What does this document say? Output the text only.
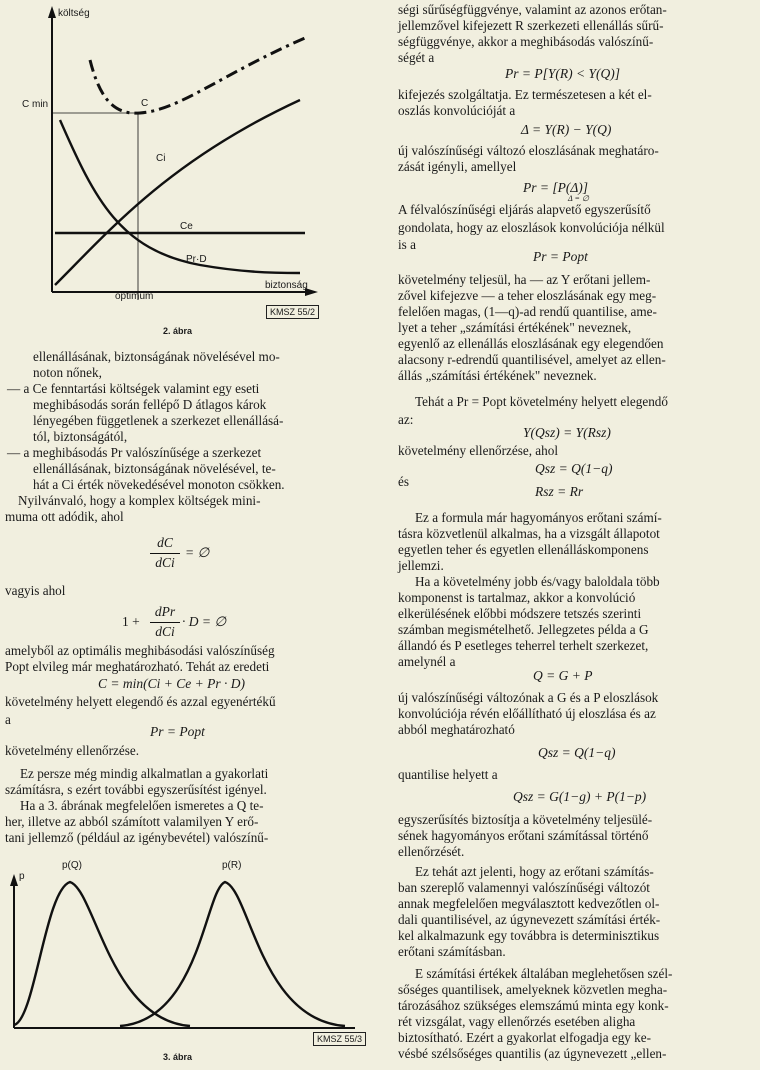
költség
C min	C
Ci
Ce
Pr·D
biztonság
optimum
KMSZ 55/2
2. ábra
ellenállásának, biztonságának növelésével mo-
noton nőnek,
— a Ce fenntartási költségek valamint egy eseti
meghibásodás során fellépő D átlagos károk
lényegében függetlenek a szerkezet ellenállásá-
tól, biztonságától,
— a meghibásodás Pr valószínűsége a szerkezet
ellenállásának, biztonságának növelésével, te-
hát a Ci érték növekedésével monoton csökken.
Nyilvánvaló, hogy a komplex költségek mini-
muma ott adódik, ahol
dC
dCi
= ∅
vagyis ahol
1 +
dPr
dCi
· D = ∅
amelyből az optimális meghibásodási valószínűség
Popt elvileg már meghatározható. Tehát az eredeti
C = min(Ci + Ce + Pr · D)
követelmény helyett elegendő és azzal egyenértékű
a
Pr = Popt
követelmény ellenőrzése.
Ez persze még mindig alkalmatlan a gyakorlati
számításra, s ezért további egyszerűsítést igényel.
Ha a 3. ábrának megfelelően ismeretes a Q te-
her, illetve az abból számított valamilyen Y erő-
tani jellemző (például az igénybevétel) valószínű-
p
p(Q)	p(R)
KMSZ 55/3
3. ábra
ségi sűrűségfüggvénye, valamint az azonos erőtan-
jellemzővel kifejezett R szerkezeti ellenállás sűrű-
ségfüggvénye, akkor a meghibásodás valószínű-
ségét a
Pr = P[Y(R) < Y(Q)]
kifejezés szolgáltatja. Ez természetesen a két el-
oszlás konvolúcióját a
Δ = Y(R) − Y(Q)
új valószínűségi változó eloszlásának meghatáro-
zását igényli, amellyel
Pr = [P(Δ)]
Δ = ∅
A félvalószínűségi eljárás alapvető egyszerűsítő
gondolata, hogy az eloszlások konvolúciója nélkül
is a
Pr = Popt
követelmény teljesül, ha — az Y erőtani jellem-
zővel kifejezve — a teher eloszlásának egy meg-
felelően magas, (1—q)-ad rendű quantilise, ame-
lyet a teher „számítási értékének" neveznek,
egyenlő az ellenállás eloszlásának egy elegendően
alacsony r-edrendű quantilisével, amelyet az ellen-
állás „számítási értékének" neveznek.
Tehát a Pr = Popt követelmény helyett elegendő
az:
Y(Qsz) = Y(Rsz)
követelmény ellenőrzése, ahol
Qsz = Q(1−q)
és
Rsz = Rr
Ez a formula már hagyományos erőtani számí-
tásra közvetlenül alkalmas, ha a vizsgált állapotot
egyetlen teher és egyetlen ellenálláskomponens
jellemzi.
Ha a követelmény jobb és/vagy baloldala több
komponenst is tartalmaz, akkor a konvolúció
elkerülésének előbbi módszere tetszés szerinti
számban megismételhető. Jellegzetes példa a G
állandó és P esetleges teherrel terhelt szerkezet,
amelynél a
Q = G + P
új valószínűségi változónak a G és a P eloszlások
konvolúciója révén előállítható új eloszlása és az
abból meghatározható
Qsz = Q(1−q)
quantilise helyett a
Qsz = G(1−g) + P(1−p)
egyszerűsítés biztosítja a követelmény teljesülé-
sének hagyományos erőtani számítással történő
ellenőrzését.
Ez tehát azt jelenti, hogy az erőtani számítás-
ban szereplő valamennyi valószínűségi változót
annak megfelelően megválasztott kedvezőtlen ol-
dali quantilisével, az úgynevezett számítási érték-
kel alkalmazunk egy továbbra is determinisztikus
erőtani számításban.
E számítási értékek általában meglehetősen szél-
sőséges quantilisek, amelyeknek közvetlen megha-
tározásához szükséges elemszámú minta egy konk-
rét vizsgálat, vagy ellenőrzés esetében aligha
biztosítható. Ezért a gyakorlat elfogadja egy ke-
vésbé szélsőséges quantilis (az úgynevezett „ellen-
